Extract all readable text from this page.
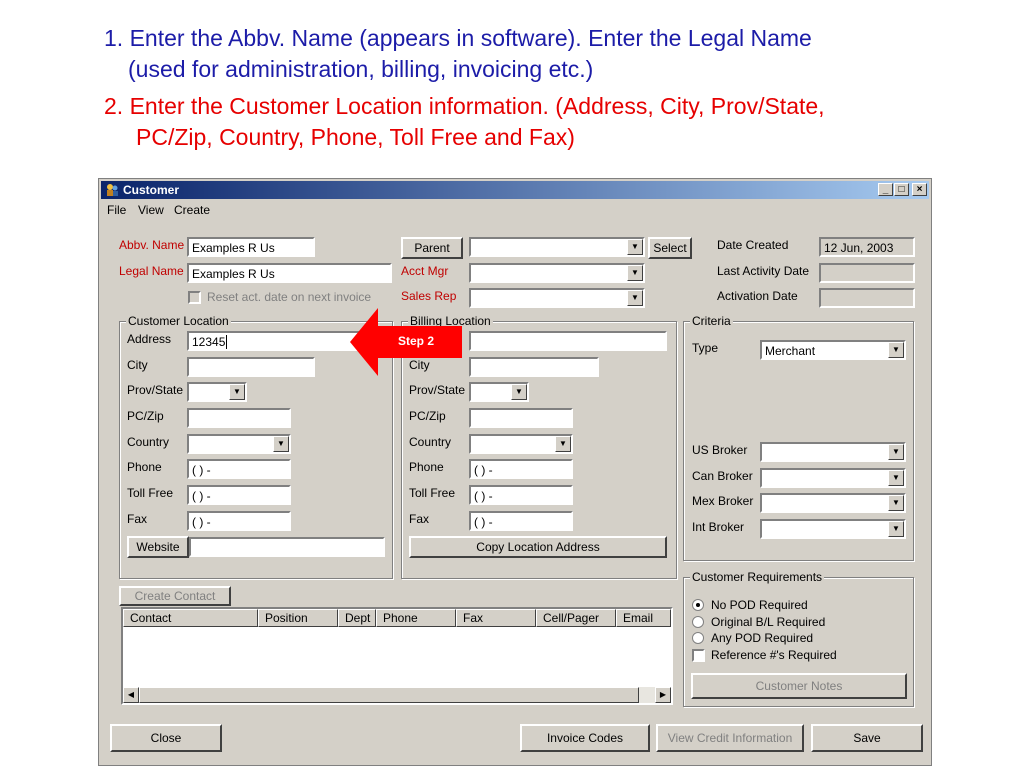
1. Enter the Abbv. Name (appears in software). Enter the Legal Name
(used for administration, billing, invoicing etc.)
2. Enter the Customer Location information. (Address, City, Prov/State,
PC/Zip, Country, Phone, Toll Free and Fax)
Customer	_	□	×
File View Create
Abbv. Name Examples R Us
Legal Name Examples R Us
Reset act. date on next invoice
Parent	▼	Select
Acct Mgr	▼
Sales Rep	▼
Date Created	12 Jun, 2003
Last Activity Date
Activation Date
Customer Location
Address	12345
City
Prov/State	▼
PC/Zip
Country	▼
Phone	( ) -
Toll Free	( ) -
Fax	( ) -
Website
Billing Location
City
Prov/State	▼
PC/Zip
Country	▼
Phone	( ) -
Toll Free	( ) -
Fax	( ) -
Copy Location Address
Criteria
Type	Merchant	▼
US Broker	▼
Can Broker	▼
Mex Broker	▼
Int Broker	▼
Customer Requirements
No POD Required
Original B/L Required
Any POD Required
Reference #'s Required
Customer Notes
Create Contact
Contact	Position	Dept	Phone	Fax	Cell/Pager	Email
◀	▶
Close	Invoice Codes	View Credit Information	Save
Step 2
